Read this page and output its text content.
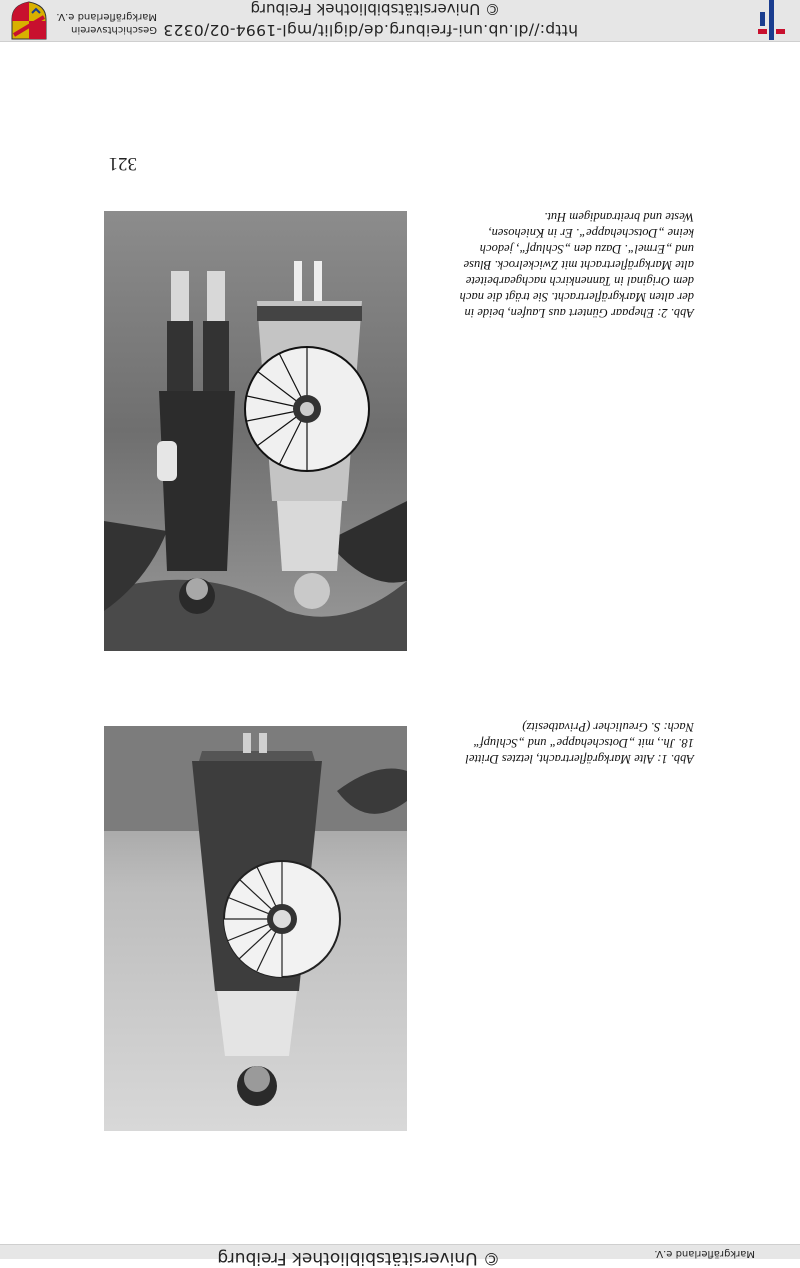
© Universitätsbibliothek Freiburg	Markgräflerland e.V.

Abb. 1: Alte Markgräflertracht, letztes Drittel
18. Jh., mit „Dotschehappe“ und „Schlupf“
Nach: S. Greulicher (Privatbesitz)

Abb. 2: Ehepaar Güntert aus Laufen, beide in
der alten Markgräflertracht. Sie trägt die nach
dem Original in Tannenkirch nachgearbeitete
alte Markgräflertracht mit Zwickelrock. Bluse
und „Ermel“. Dazu den „Schlupf“, jedoch
keine „Dotschehappe“. Er in Kniehosen,
Weste und breitrandigem Hut.

321
http://dl.ub.uni-freiburg.de/diglit/mgl-1994-02/0323
© Universitätsbibliothek Freiburg
Geschichtsverein
Markgräflerland e.V.
